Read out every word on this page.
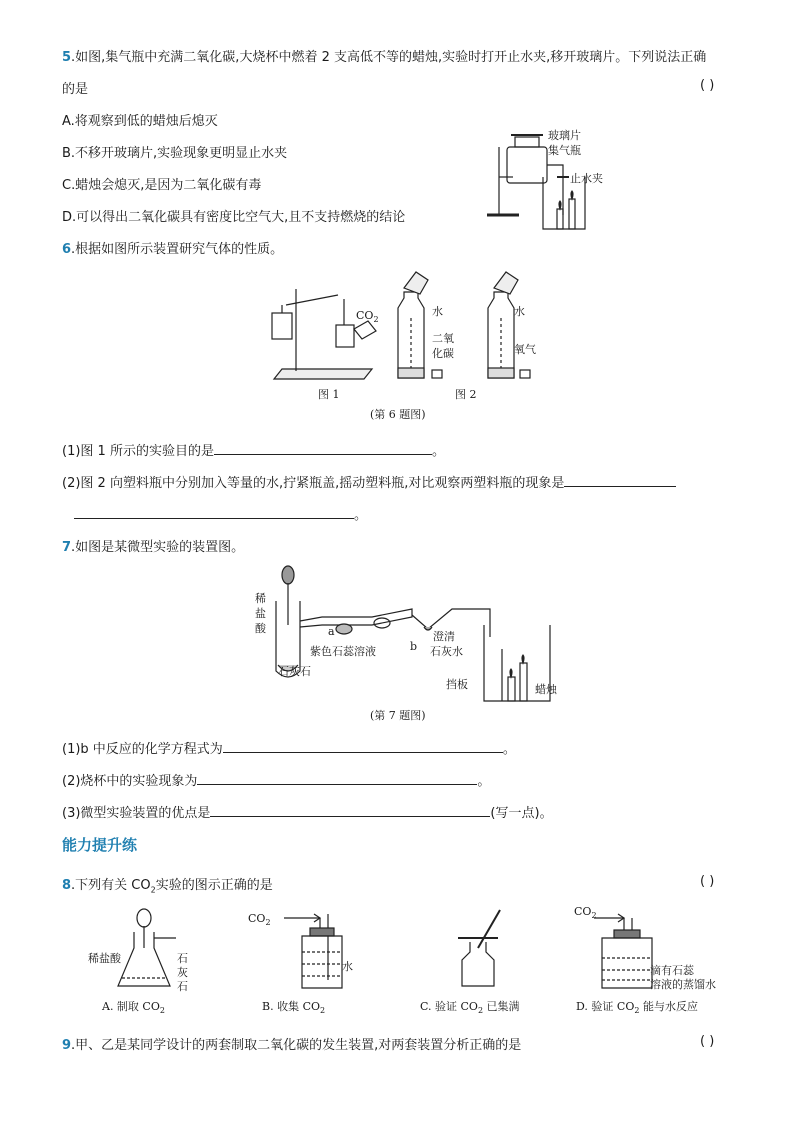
5.如图,集气瓶中充满二氧化碳,大烧杯中燃着 2 支高低不等的蜡烛,实验时打开止水夹,移开玻璃片。下列说法正确
的是	( )
A.将观察到低的蜡烛后熄灭
B.不移开玻璃片,实验现象更明显止水夹
C.蜡烛会熄灭,是因为二氧化碳有毒
D.可以得出二氧化碳具有密度比空气大,且不支持燃烧的结论
玻璃片
集气瓶
止水夹
6.根据如图所示装置研究气体的性质。
$CO_2$
水	水
二氧
化碳	氧气
图 1	图 2
(第 6 题图)
(1)图 1 所示的实验目的是	。
(2)图 2 向塑料瓶中分别加入等量的水,拧紧瓶盖,摇动塑料瓶,对比观察两塑料瓶的现象是
。
7.如图是某微型实验的装置图。
稀
盐
酸	a
紫色石蕊溶液	b
澄清
石灰水
石灰石
挡板	蜡烛
(第 7 题图)
(1)b 中反应的化学方程式为	。
(2)烧杯中的实验现象为	。
(3)微型实验装置的优点是	(写一点)。
能力提升练
8.下列有关 $CO_2$实验的图示正确的是	( )
稀盐酸	石
灰
石
A. 制取 $CO_2$
$CO_2$
水
B. 收集 $CO_2$	C. 验证 $CO_2$ 已集满
$CO_2$
滴有石蕊
溶液的蒸馏水
D. 验证 $CO_2$ 能与水反应
9.甲、乙是某同学设计的两套制取二氧化碳的发生装置,对两套装置分析正确的是	( )
